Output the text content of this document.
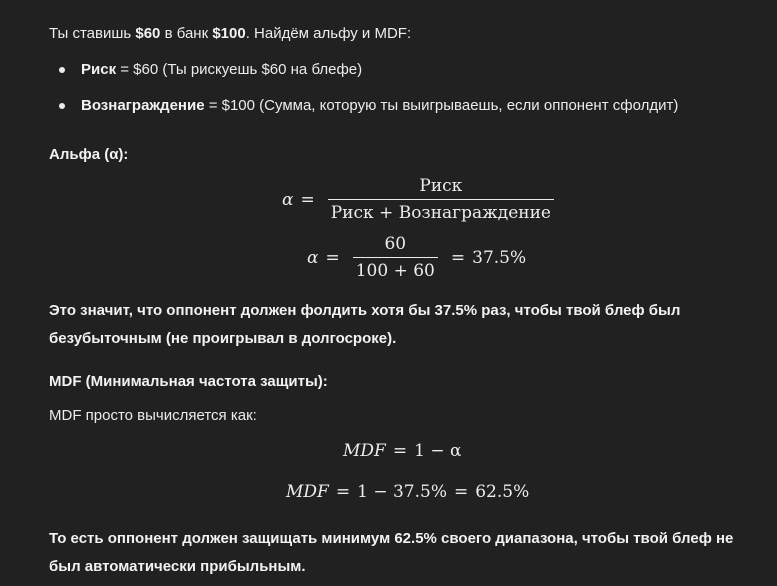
Ты ставишь $60 в банк $100. Найдём альфу и MDF:

Риск = $60 (Ты рискуешь $60 на блефе)
Вознаграждение = $100 (Сумма, которую ты выигрываешь, если оппонент сфолдит)

Альфа (α):

$\alpha = \frac{\text{Риск}}{\text{Риск + Вознаграждение}}$
$\alpha = \frac{60}{100 + 60} = 37.5\%$

Это значит, что оппонент должен фолдить хотя бы 37.5% раз, чтобы твой блеф был

безубыточным (не проигрывал в долгосроке).

MDF (Минимальная частота защиты):

MDF просто вычисляется как:

MDF = 1 − α
MDF = 1 − 37.5% = 62.5%

То есть оппонент должен защищать минимум 62.5% своего диапазона, чтобы твой блеф не

был автоматически прибыльным.
